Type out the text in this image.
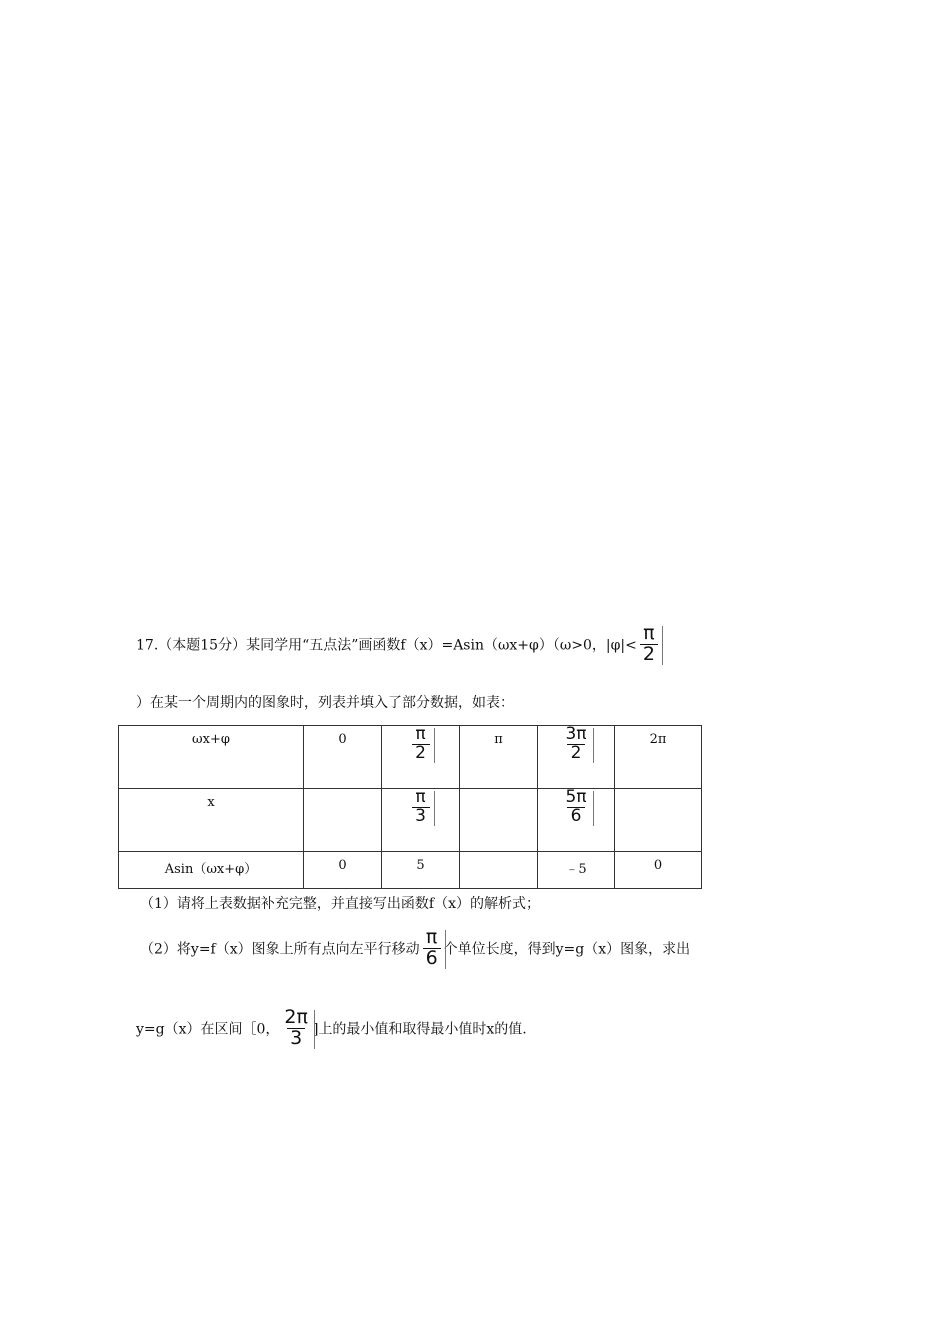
17.（本题15分）某同学用“五点法”画函数f（x）=Asin（ωx+φ）（ω>0，$|\varphi|< \frac{\pi}{2}$
）在某一个周期内的图象时，列表并填入了部分数据，如表：
ωx+φ	0	$\frac{\pi}{2}$	π	$\frac{3\pi}{2}$	2π

x		$\frac{\pi}{3}$		$\frac{5\pi}{6}$

Asin（ωx+φ）	0	5		﹣5	0
（1）请将上表数据补充完整，并直接写出函数f（x）的解析式；
（2）将y=f（x）图象上所有点向左平行移动 $\frac{\pi}{6}$ 个单位长度，得到y=g（x）图象，求出
y=g（x）在区间［0， $\frac{2\pi}{3}$ ]上的最小值和取得最小值时x的值.
